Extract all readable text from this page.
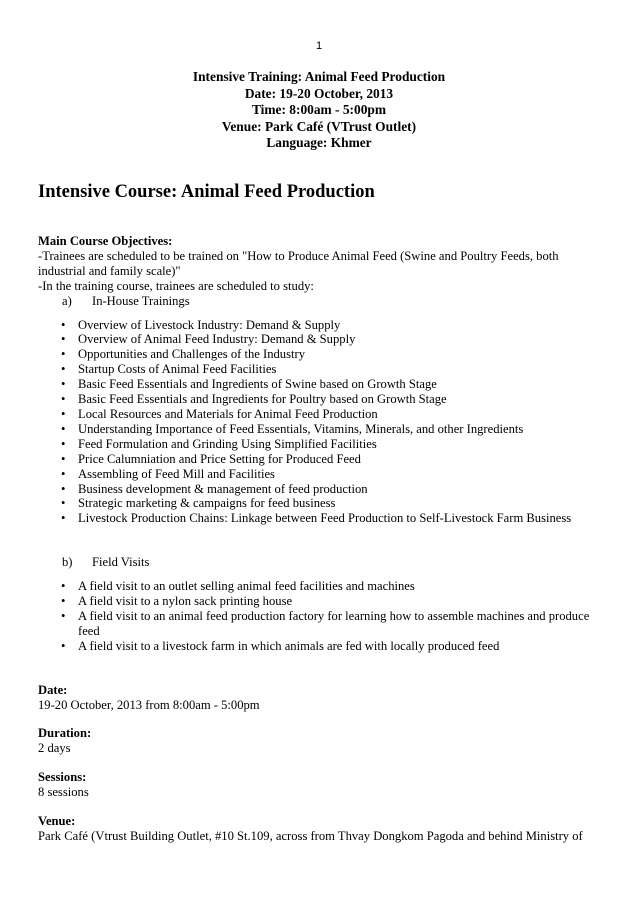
1
Intensive Training: Animal Feed Production
Date: 19-20 October, 2013
Time: 8:00am - 5:00pm
Venue: Park Café (VTrust Outlet)
Language: Khmer
Intensive Course: Animal Feed Production
Main Course Objectives:
-Trainees are scheduled to be trained on "How to Produce Animal Feed (Swine and Poultry Feeds, both industrial and family scale)"
-In the training course, trainees are scheduled to study:
a)	In-House Trainings
• Overview of Livestock Industry: Demand & Supply
• Overview of Animal Feed Industry: Demand & Supply
• Opportunities and Challenges of the Industry
• Startup Costs of Animal Feed Facilities
• Basic Feed Essentials and Ingredients of Swine based on Growth Stage
• Basic Feed Essentials and Ingredients for Poultry based on Growth Stage
• Local Resources and Materials for Animal Feed Production
• Understanding Importance of Feed Essentials, Vitamins, Minerals, and other Ingredients
• Feed Formulation and Grinding Using Simplified Facilities
• Price Calumniation and Price Setting for Produced Feed
• Assembling of Feed Mill and Facilities
• Business development & management of feed production
• Strategic marketing & campaigns for feed business
• Livestock Production Chains: Linkage between Feed Production to Self-Livestock Farm Business
b)	Field Visits
• A field visit to an outlet selling animal feed facilities and machines
• A field visit to a nylon sack printing house
• A field visit to an animal feed production factory for learning how to assemble machines and produce feed
• A field visit to a livestock farm in which animals are fed with locally produced feed
Date:
19-20 October, 2013 from 8:00am - 5:00pm
Duration:
2 days
Sessions:
8 sessions
Venue:
Park Café (Vtrust Building Outlet, #10 St.109, across from Thvay Dongkom Pagoda and behind Ministry of
